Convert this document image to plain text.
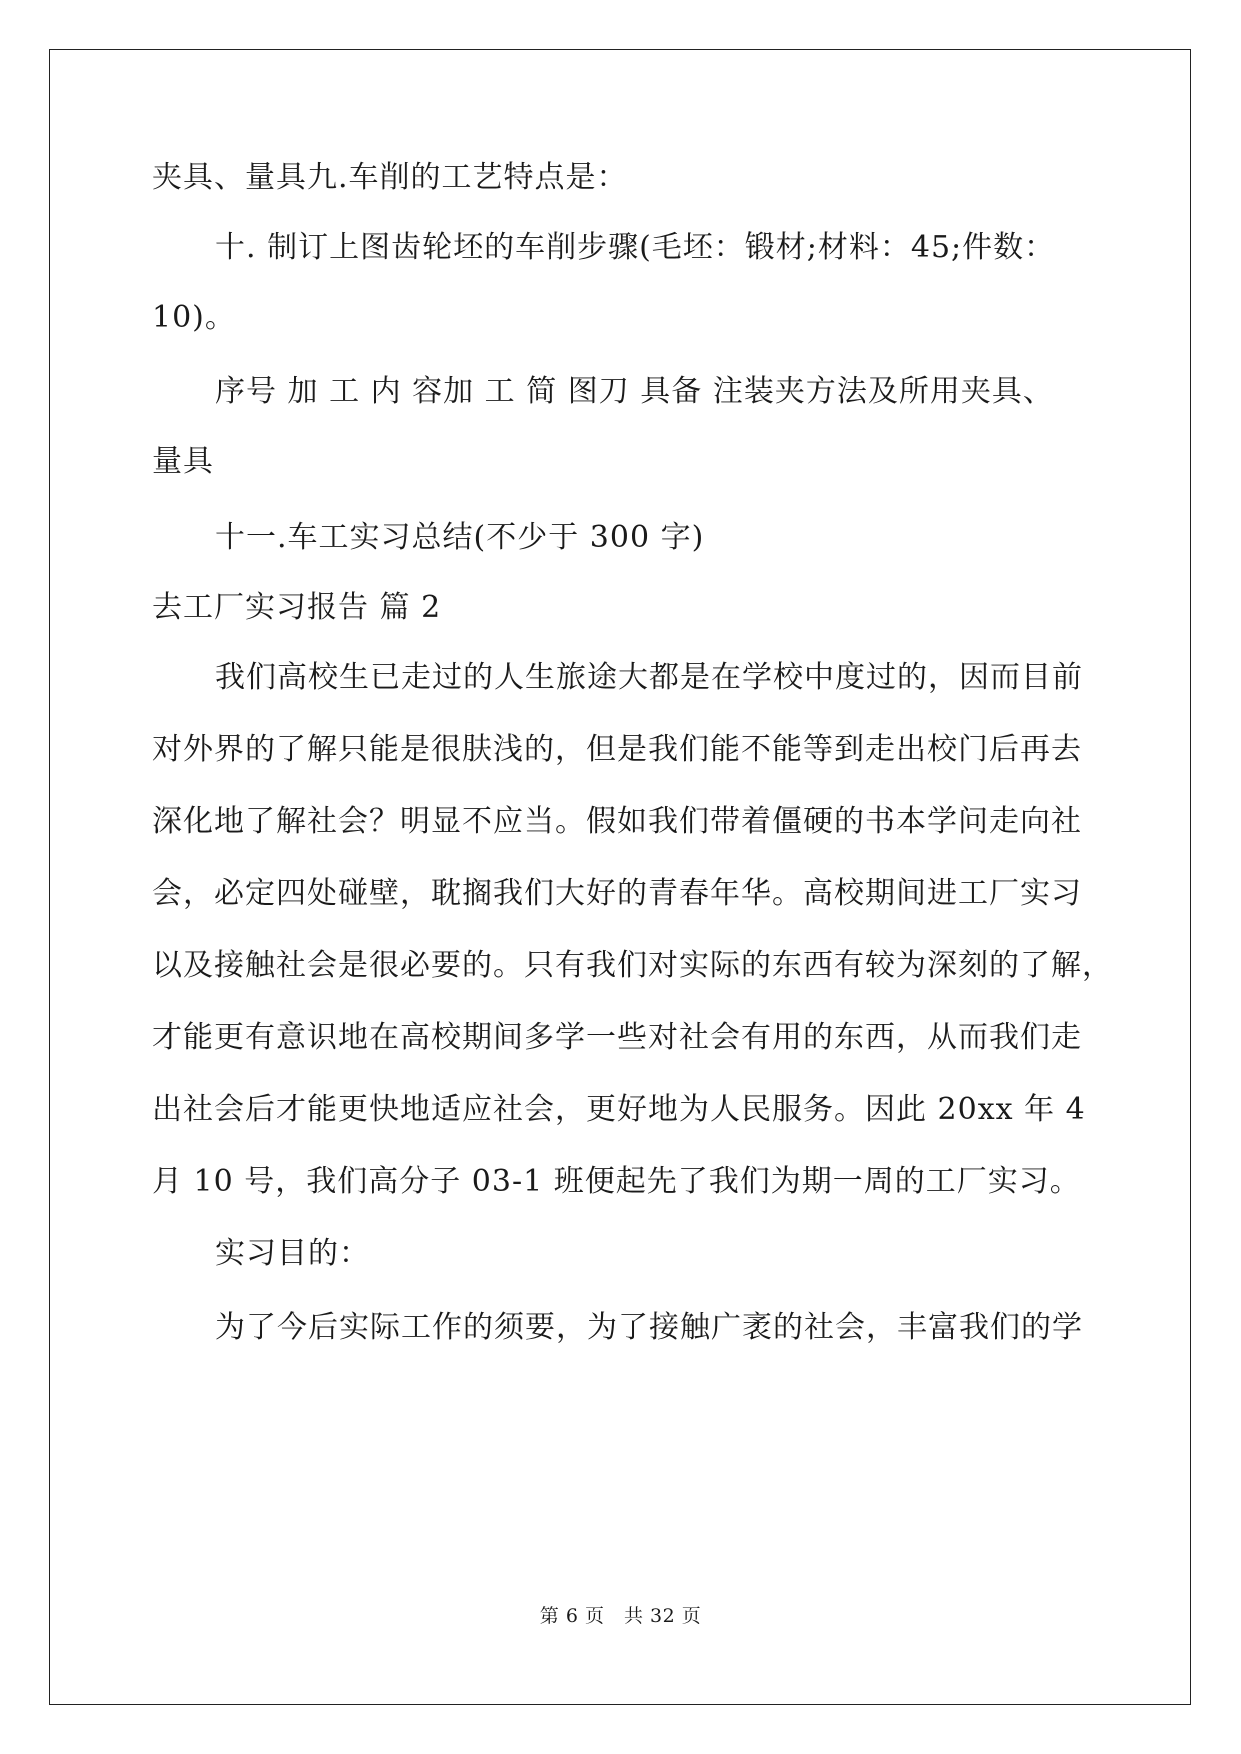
夹具、量具九.车削的工艺特点是：
十. 制订上图齿轮坯的车削步骤(毛坯：锻材;材料：45;件数：
10)。
序号 加 工 内 容加 工 简 图刀 具备 注装夹方法及所用夹具、
量具
十一.车工实习总结(不少于 300 字)
去工厂实习报告 篇 2
我们高校生已走过的人生旅途大都是在学校中度过的，因而目前
对外界的了解只能是很肤浅的，但是我们能不能等到走出校门后再去
深化地了解社会？明显不应当。假如我们带着僵硬的书本学问走向社
会，必定四处碰壁，耽搁我们大好的青春年华。高校期间进工厂实习
以及接触社会是很必要的。只有我们对实际的东西有较为深刻的了解，
才能更有意识地在高校期间多学一些对社会有用的东西，从而我们走
出社会后才能更快地适应社会，更好地为人民服务。因此 20xx 年 4
月 10 号，我们高分子 03-1 班便起先了我们为期一周的工厂实习。
实习目的：
为了今后实际工作的须要，为了接触广袤的社会，丰富我们的学
第 6 页　共 32 页
